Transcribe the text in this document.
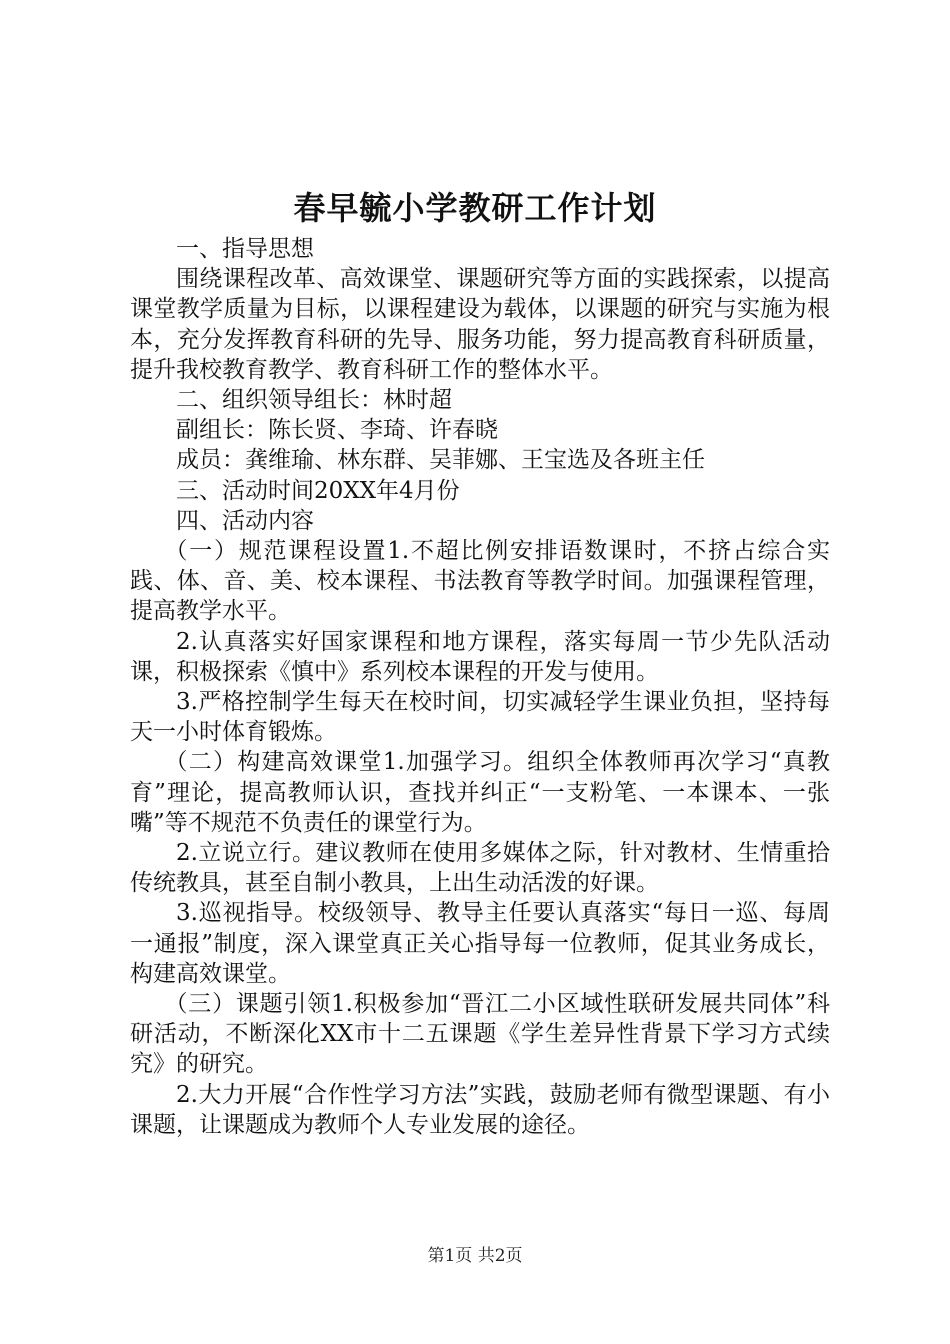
春早毓小学教研工作计划

一、指导思想

围绕课程改革、高效课堂、课题研究等方面的实践探索，以提高课堂教学质量为目标，以课程建设为载体，以课题的研究与实施为根本，充分发挥教育科研的先导、服务功能，努力提高教育科研质量，提升我校教育教学、教育科研工作的整体水平。

二、组织领导组长：林时超

副组长：陈长贤、李琦、许春晓

成员：龚维瑜、林东群、吴菲娜、王宝选及各班主任

三、活动时间20XX年4月份

四、活动内容

（一）规范课程设置1.不超比例安排语数课时，不挤占综合实践、体、音、美、校本课程、书法教育等教学时间。加强课程管理，提高教学水平。

2.认真落实好国家课程和地方课程，落实每周一节少先队活动课，积极探索《慎中》系列校本课程的开发与使用。

3.严格控制学生每天在校时间，切实减轻学生课业负担，坚持每天一小时体育锻炼。

（二）构建高效课堂1.加强学习。组织全体教师再次学习“真教育”理论，提高教师认识，查找并纠正“一支粉笔、一本课本、一张嘴”等不规范不负责任的课堂行为。

2.立说立行。建议教师在使用多媒体之际，针对教材、生情重拾传统教具，甚至自制小教具，上出生动活泼的好课。

3.巡视指导。校级领导、教导主任要认真落实“每日一巡、每周一通报”制度，深入课堂真正关心指导每一位教师，促其业务成长，构建高效课堂。

（三）课题引领1.积极参加“晋江二小区域性联研发展共同体”科研活动，不断深化XX市十二五课题《学生差异性背景下学习方式续究》的研究。

2.大力开展“合作性学习方法”实践，鼓励老师有微型课题、有小课题，让课题成为教师个人专业发展的途径。

第1页 共2页
